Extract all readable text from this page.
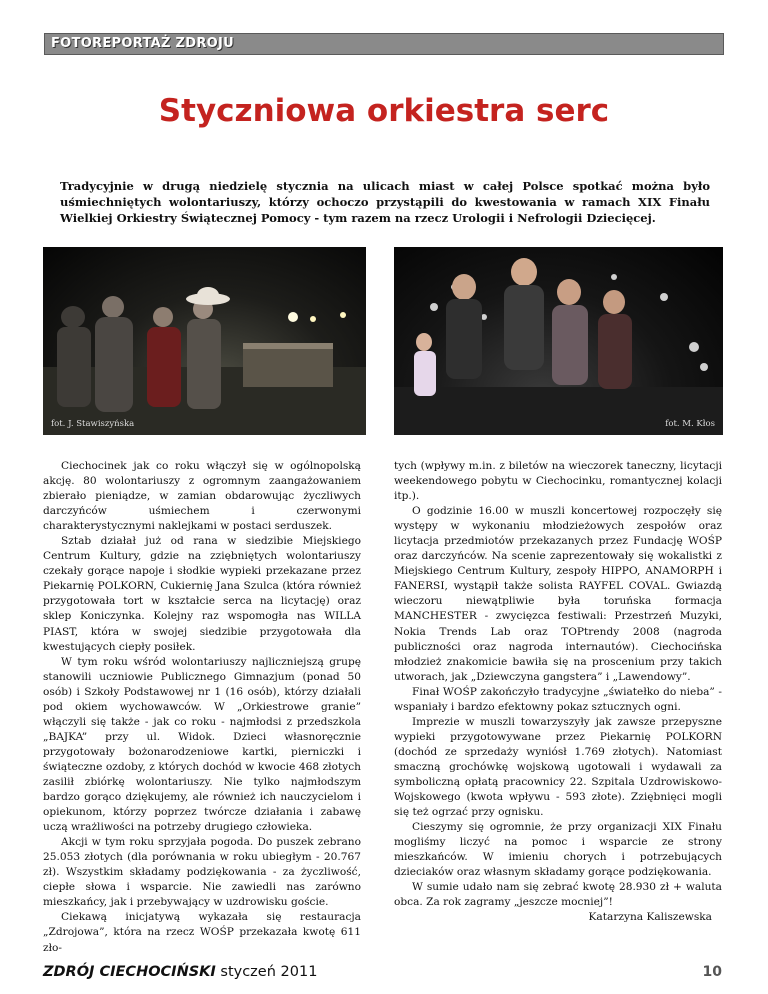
FOTOREPORTAŻ ZDROJU
Styczniowa orkiestra serc
Tradycyjnie w drugą niedzielę stycznia na ulicach miast w całej Polsce spotkać można było uśmiechniętych wolontariuszy, którzy ochoczo przystąpili do kwestowania w ramach XIX Finału Wielkiej Orkiestry Świątecznej Pomocy - tym razem na rzecz Urologii i Nefrologii Dziecięcej.
fot. J. Stawiszyńska	fot. M. Kłos

Ciechocinek jak co roku włączył się w ogólnopolską akcję. 80 wolontariuszy z ogromnym zaangażowaniem zbierało pieniądze, w zamian obdarowując życzliwych darczyńców uśmiechem i czerwonymi charakterystycznymi naklejkami w postaci serduszek.

Sztab działał już od rana w siedzibie Miejskiego Centrum Kultury, gdzie na zziębniętych wolontariuszy czekały gorące napoje i słodkie wypieki przekazane przez Piekarnię POLKORN, Cukiernię Jana Szulca (która również przygotowała tort w kształcie serca na licytację) oraz sklep Koniczynka. Kolejny raz wspomogła nas WILLA PIAST, która w swojej siedzibie przygotowała dla kwestujących ciepły posiłek.

W tym roku wśród wolontariuszy najliczniejszą grupę stanowili uczniowie Publicznego Gimnazjum (ponad 50 osób) i Szkoły Podstawowej nr 1 (16 osób), którzy działali pod okiem wychowawców. W „Orkiestrowe granie” włączyli się także - jak co roku - najmłodsi z przedszkola „BAJKA” przy ul. Widok. Dzieci własnoręcznie przygotowały bożonarodzeniowe kartki, pierniczki i świąteczne ozdoby, z których dochód w kwocie 468 złotych zasilił zbiórkę wolontariuszy. Nie tylko najmłodszym bardzo gorąco dziękujemy, ale również ich nauczycielom i opiekunom, którzy poprzez twórcze działania i zabawę uczą wrażliwości na potrzeby drugiego człowieka.

Akcji w tym roku sprzyjała pogoda. Do puszek zebrano 25.053 złotych (dla porównania w roku ubiegłym - 20.767 zł). Wszystkim składamy podziękowania - za życzliwość, ciepłe słowa i wsparcie. Nie zawiedli nas zarówno mieszkańcy, jak i przebywający w uzdrowisku goście.

Ciekawą inicjatywą wykazała się restauracja „Zdrojowa”, która na rzecz WOŚP przekazała kwotę 611 zło-

tych (wpływy m.in. z biletów na wieczorek taneczny, licytacji weekendowego pobytu w Ciechocinku, romantycznej kolacji itp.).

O godzinie 16.00 w muszli koncertowej rozpoczęły się występy w wykonaniu młodzieżowych zespołów oraz licytacja przedmiotów przekazanych przez Fundację WOŚP oraz darczyńców. Na scenie zaprezentowały się wokalistki z Miejskiego Centrum Kultury, zespoły HIPPO, ANAMORPH i FANERSI, wystąpił także solista RAYFEL COVAL. Gwiazdą wieczoru niewątpliwie była toruńska formacja MANCHESTER - zwycięzca festiwali: Przestrzeń Muzyki, Nokia Trends Lab oraz TOPtrendy 2008 (nagroda publiczności oraz nagroda internautów). Ciechocińska młodzież znakomicie bawiła się na proscenium przy takich utworach, jak „Dziewczyna gangstera” i „Lawendowy”.

Finał WOŚP zakończyło tradycyjne „światełko do nieba” - wspaniały i bardzo efektowny pokaz sztucznych ogni.

Imprezie w muszli towarzyszyły jak zawsze przepyszne wypieki przygotowywane przez Piekarnię POLKORN (dochód ze sprzedaży wyniósł 1.769 złotych). Natomiast smaczną grochówkę wojskową ugotowali i wydawali za symboliczną opłatą pracownicy 22. Szpitala Uzdrowiskowo-Wojskowego (kwota wpływu - 593 złote). Zziębnięci mogli się też ogrzać przy ognisku.

Cieszymy się ogromnie, że przy organizacji XIX Finału mogliśmy liczyć na pomoc i wsparcie ze strony mieszkańców. W imieniu chorych i potrzebujących dzieciaków oraz własnym składamy gorące podziękowania.

W sumie udało nam się zebrać kwotę 28.930 zł + waluta obca. Za rok zagramy „jeszcze mocniej”!

Katarzyna Kaliszewska

ZDRÓJ CIECHOCIŃSKI styczeń 2011	10
